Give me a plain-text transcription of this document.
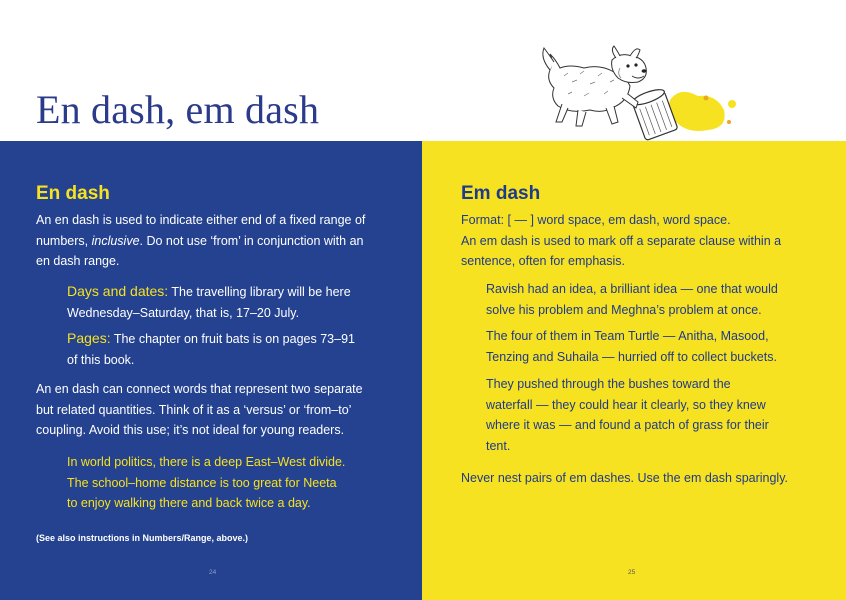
En dash, em dash
En dash

An en dash is used to indicate either end of a fixed range of
numbers, inclusive. Do not use ‘from’ in conjunction with an
en dash range.

Days and dates: The travelling library will be here
Wednesday–Saturday, that is, 17–20 July.

Pages: The chapter on fruit bats is on pages 73–91
of this book.

An en dash can connect words that represent two separate
but related quantities. Think of it as a ‘versus’ or ‘from–to’
coupling. Avoid this use; it’s not ideal for young readers.

In world politics, there is a deep East–West divide.
The school–home distance is too great for Neeta
to enjoy walking there and back twice a day.

(See also instructions in Numbers/Range, above.)

24
Em dash

Format: [ — ] word space, em dash, word space.
An em dash is used to mark off a separate clause within a
sentence, often for emphasis.

Ravish had an idea, a brilliant idea — one that would
solve his problem and Meghna’s problem at once.

The four of them in Team Turtle — Anitha, Masood,
Tenzing and Suhaila — hurried off to collect buckets.

They pushed through the bushes toward the
waterfall — they could hear it clearly, so they knew
where it was — and found a patch of grass for their
tent.

Never nest pairs of em dashes. Use the em dash sparingly.

25
